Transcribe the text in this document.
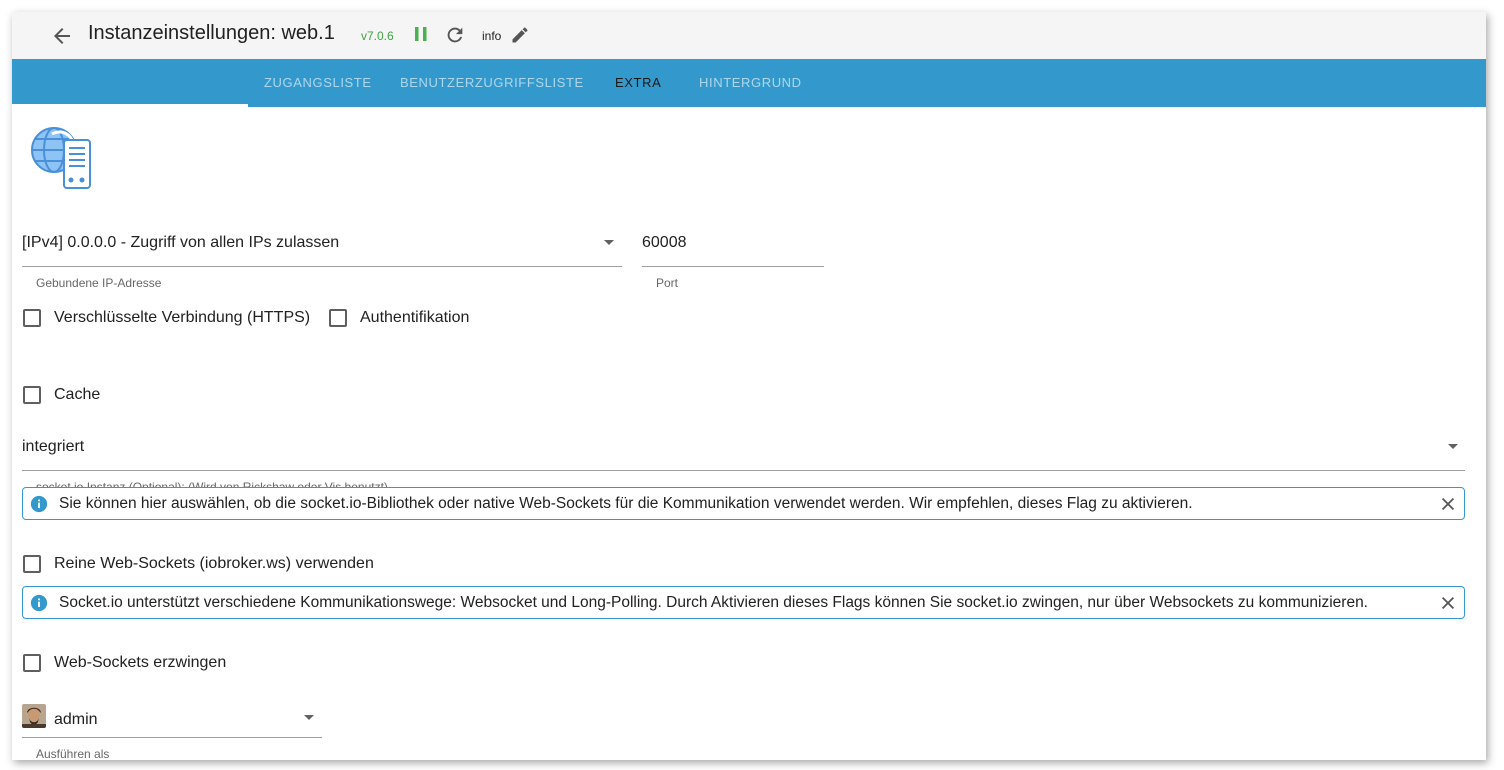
Instanzeinstellungen: web.1 v7.0.6	info
ZUGANGSLISTE BENUTZERZUGRIFFSLISTE EXTRA	HINTERGRUND
[IPv4] 0.0.0.0 - Zugriff von allen IPs zulassen
Gebundene IP-Adresse
60008
Port
Verschlüsselte Verbindung (HTTPS)	Authentifikation
Cache
integriert
Sie können hier auswählen, ob die socket.io-Bibliothek oder native Web-Sockets für die Kommunikation verwendet werden. Wir empfehlen, dieses Flag zu aktivieren.
Reine Web-Sockets (iobroker.ws) verwenden
Socket.io unterstützt verschiedene Kommunikationswege: Websocket und Long-Polling. Durch Aktivieren dieses Flags können Sie socket.io zwingen, nur über Websockets zu kommunizieren.
Web-Sockets erzwingen
admin
Ausführen als
